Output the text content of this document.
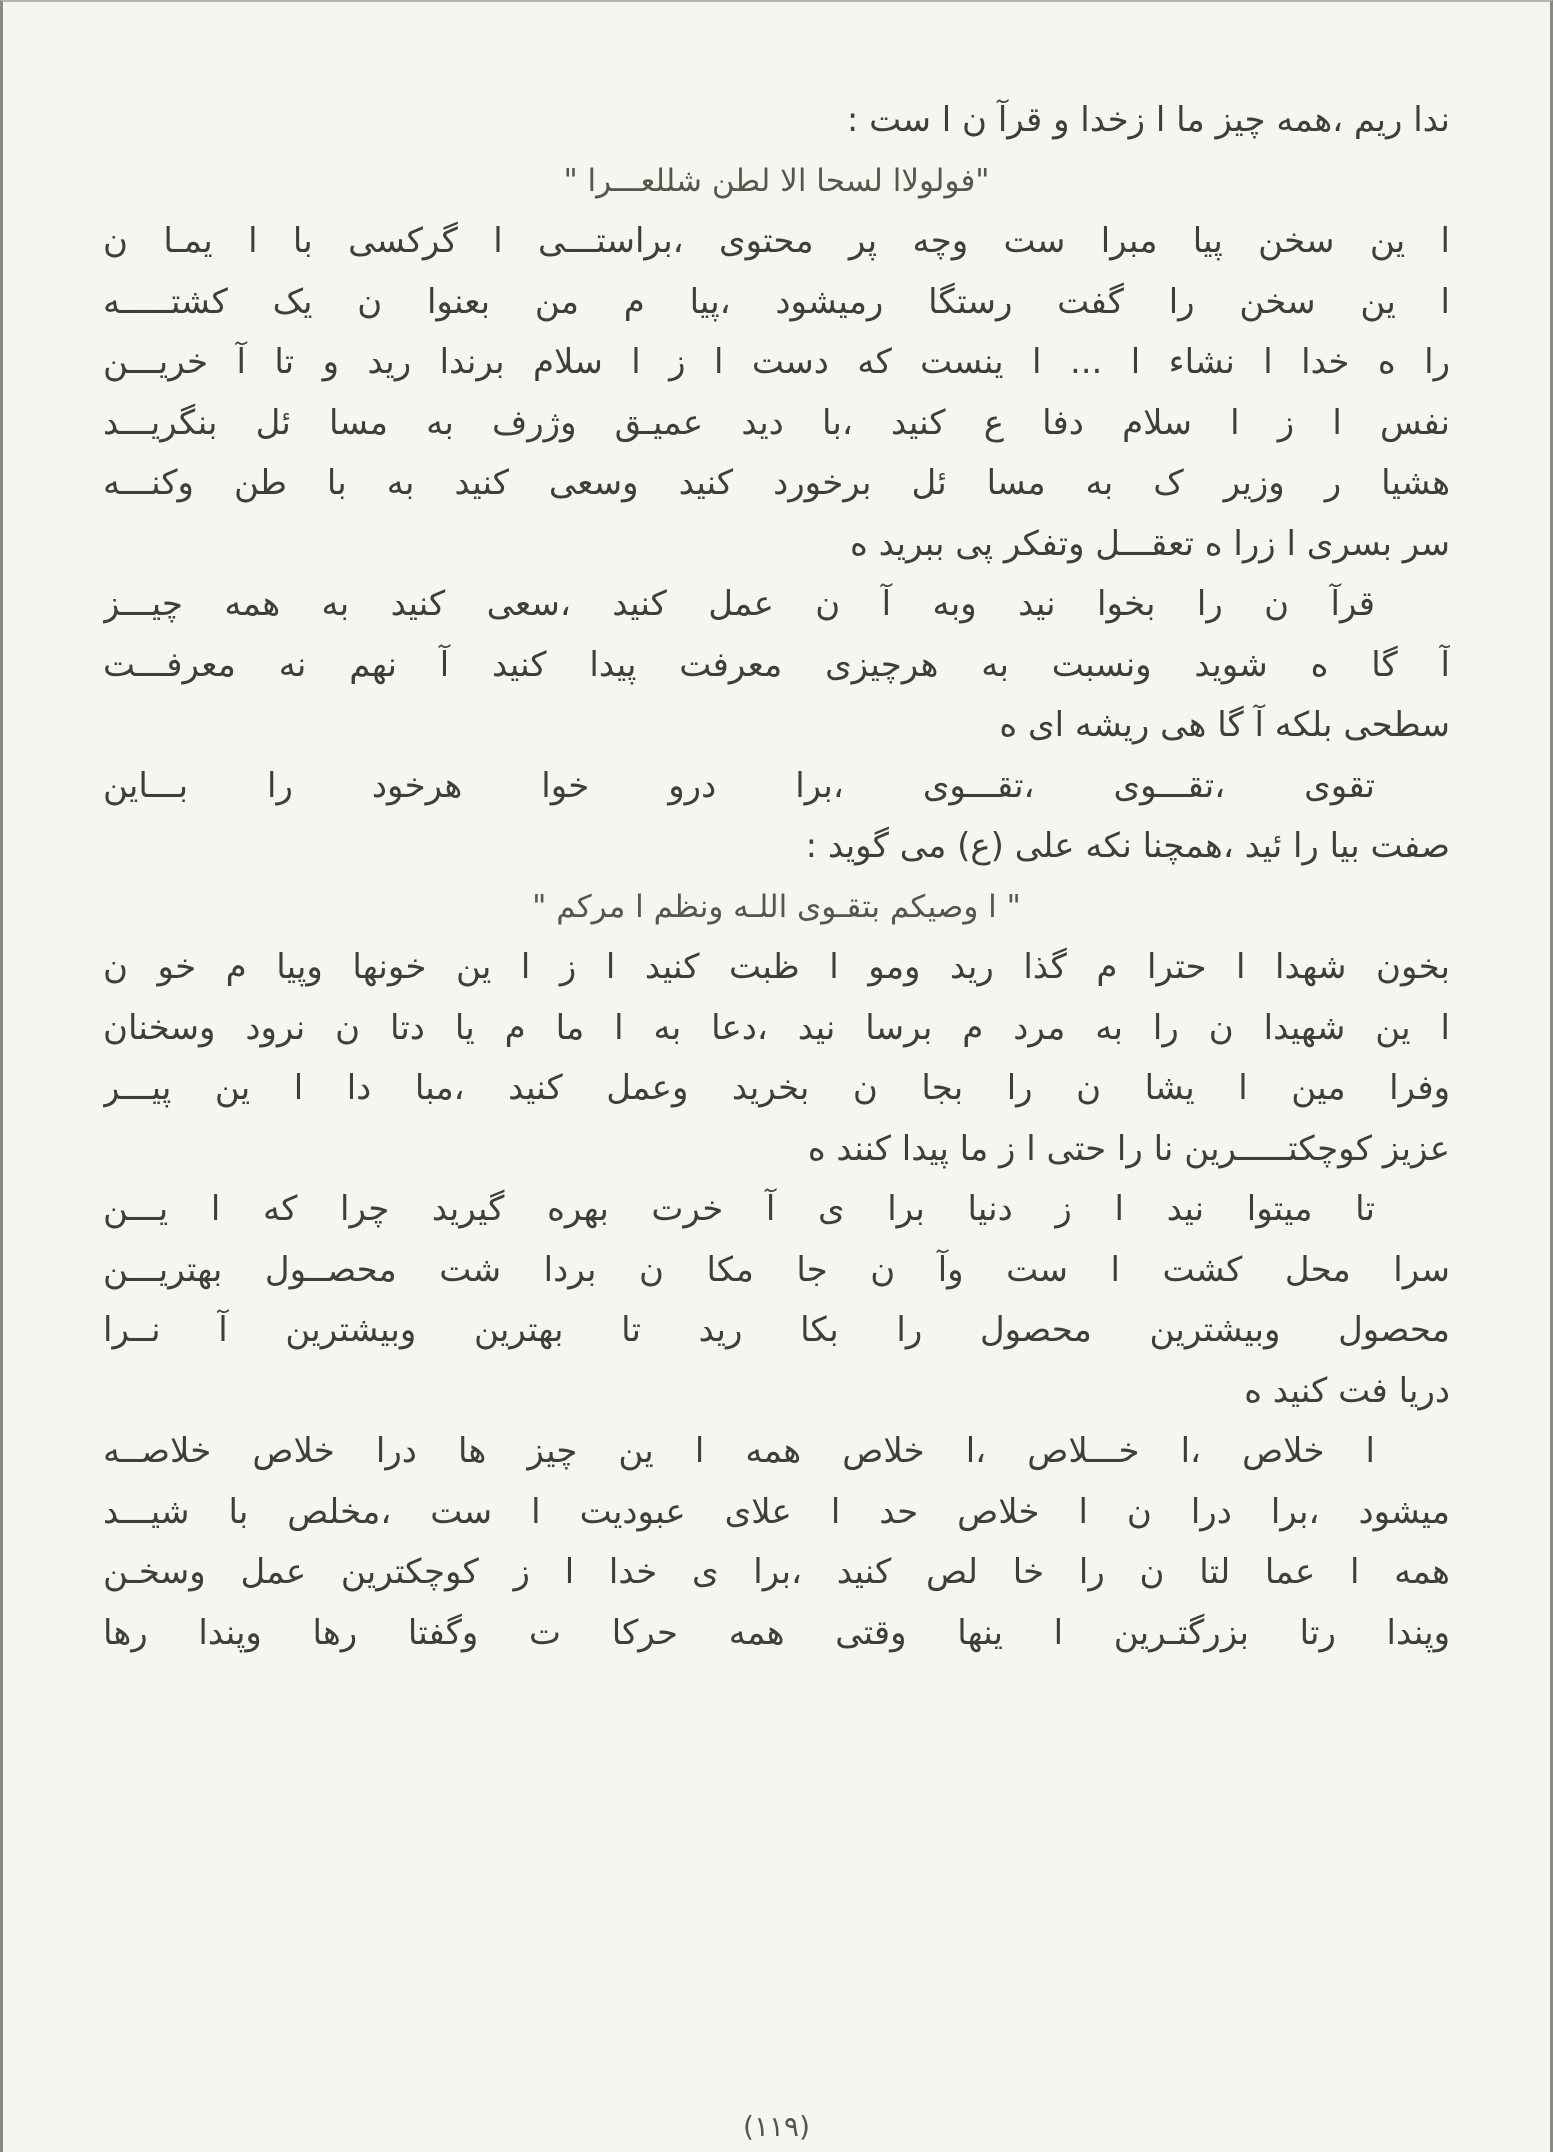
ندا ریم ،همه چیز ما ا زخدا و قرآ ن ا ست :
"فولولاا لسحا الا لطن شللعـــرا "
ا ین سخن پیا مبرا ست وچه پر محتوی ،براستـــی ا گرکسی با ا یمـا ن
ا ین سخن را گفت رستگا رمیشود ،پیا م من بعنوا ن یک کشتـــــه
را ه خدا ا نشاء ا ... ا ینست که دست ا ز ا سلام برندا رید و تا آ خریـــن
نفس ا ز ا سلام دفا ع کنید ،با دید عمیـق وژرف به مسا ئل بنگریـــد
هشیا ر وزیر ک به مسا ئل برخورد کنید وسعی کنید به با طن وکنـــه
سر بسری ا زرا ه تعقـــل وتفکر پی ببرید ه
قرآ ن را بخوا نید وبه آ ن عمل کنید ،سعی کنید به همه چیـــز
آ گا ه شوید ونسبت به هرچیزی معرفت پیدا کنید آ نهم نه معرفـــت
سطحی بلکه آ گا هی ریشه ای ه
تقوی ،تقـــوی ،تقـــوی ،برا درو خوا هرخود را بـــاین
صفت بیا را ئید ،همچنا نکه علی (ع) می گوید :
" ا وصیکم بتقـوی اللـه ونظم ا مرکم "
بخون شهدا ا حترا م گذا رید ومو ا ظبت کنید ا ز ا ین خونها وپیا م خو ن
ا ین شهیدا ن را به مرد م برسا نید ،دعا به ا ما م یا دتا ن نرود وسخنان
وفرا مین ا یشا ن را بجا ن بخرید وعمل کنید ،مبا دا ا ین پیـــر
عزیز کوچکتـــــرین نا را حتی ا ز ما پیدا کنند ه
تا میتوا نید ا ز دنیا برا ی آ خرت بهره گیرید چرا که ا یـــن
سرا محل کشت ا ست وآ ن جا مکا ن بردا شت محصــول بهتریـــن
محصول وبیشترین محصول را بکا رید تا بهترین وبیشترین آ نــرا
دریا فت کنید ه
ا خلاص ،ا خـــلاص ،ا خلاص همه ا ین چیز ها درا خلاص خلاصــه
میشود ،برا درا ن ا خلاص حد ا علای عبودیت ا ست ،مخلص با شیـــد
همه ا عما لتا ن را خا لص کنید ،برا ی خدا ا ز کوچکترین عمل وسخـن
وپندا رتا بزرگتـرین ا ینها وقتی همه حرکا ت وگفتا رها وپندا رها
(١١٩)
